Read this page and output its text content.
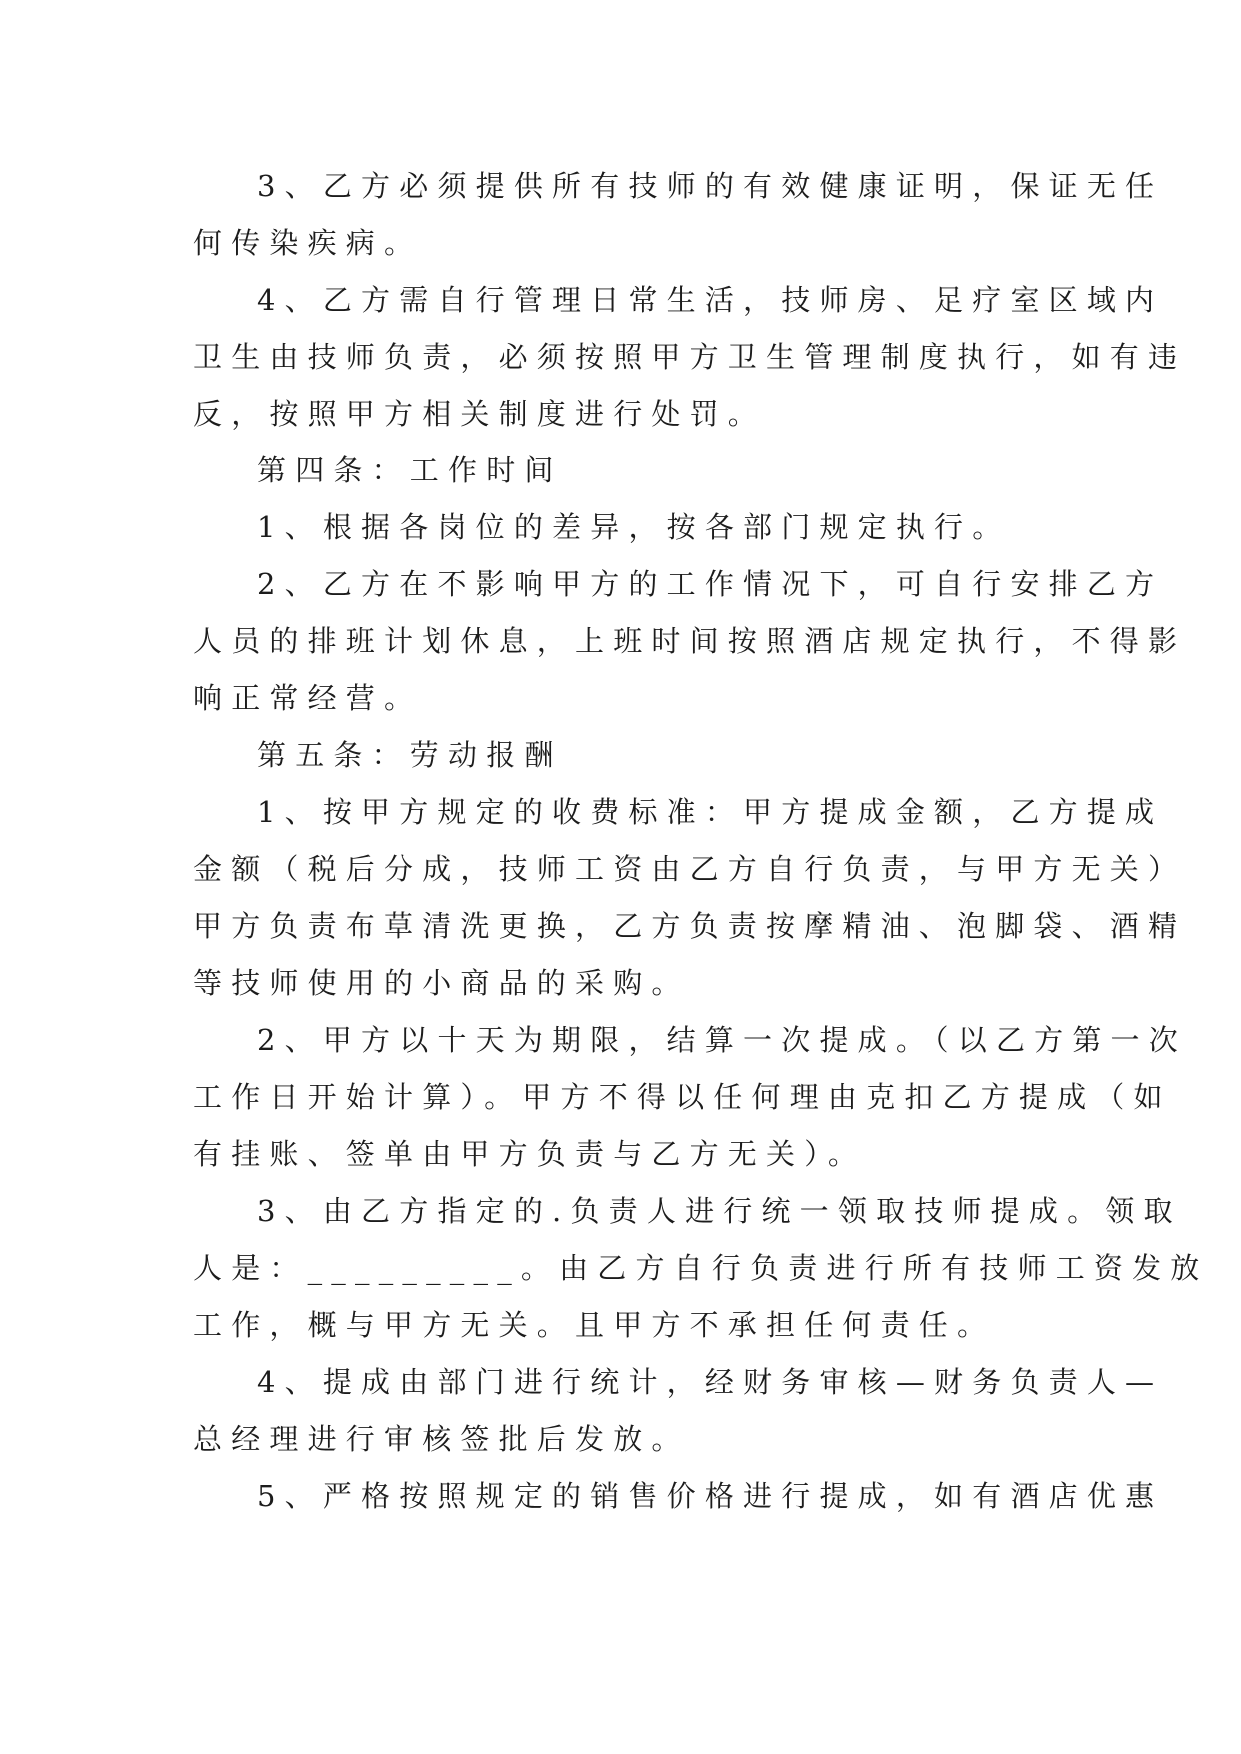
3、乙方必须提供所有技师的有效健康证明，保证无任
何传染疾病。
4、乙方需自行管理日常生活，技师房、足疗室区域内
卫生由技师负责，必须按照甲方卫生管理制度执行，如有违
反，按照甲方相关制度进行处罚。
第四条：工作时间
1、根据各岗位的差异，按各部门规定执行。
2、乙方在不影响甲方的工作情况下，可自行安排乙方
人员的排班计划休息，上班时间按照酒店规定执行，不得影
响正常经营。
第五条：劳动报酬
1、按甲方规定的收费标准：甲方提成金额，乙方提成
金额（税后分成，技师工资由乙方自行负责，与甲方无关）
甲方负责布草清洗更换，乙方负责按摩精油、泡脚袋、酒精
等技师使用的小商品的采购。
2、甲方以十天为期限，结算一次提成。（以乙方第一次
工作日开始计算）。甲方不得以任何理由克扣乙方提成（如
有挂账、签单由甲方负责与乙方无关）。
3、由乙方指定的.负责人进行统一领取技师提成。领取
人是：_________。由乙方自行负责进行所有技师工资发放
工作，概与甲方无关。且甲方不承担任何责任。
4、提成由部门进行统计，经财务审核—财务负责人—
总经理进行审核签批后发放。
5、严格按照规定的销售价格进行提成，如有酒店优惠
